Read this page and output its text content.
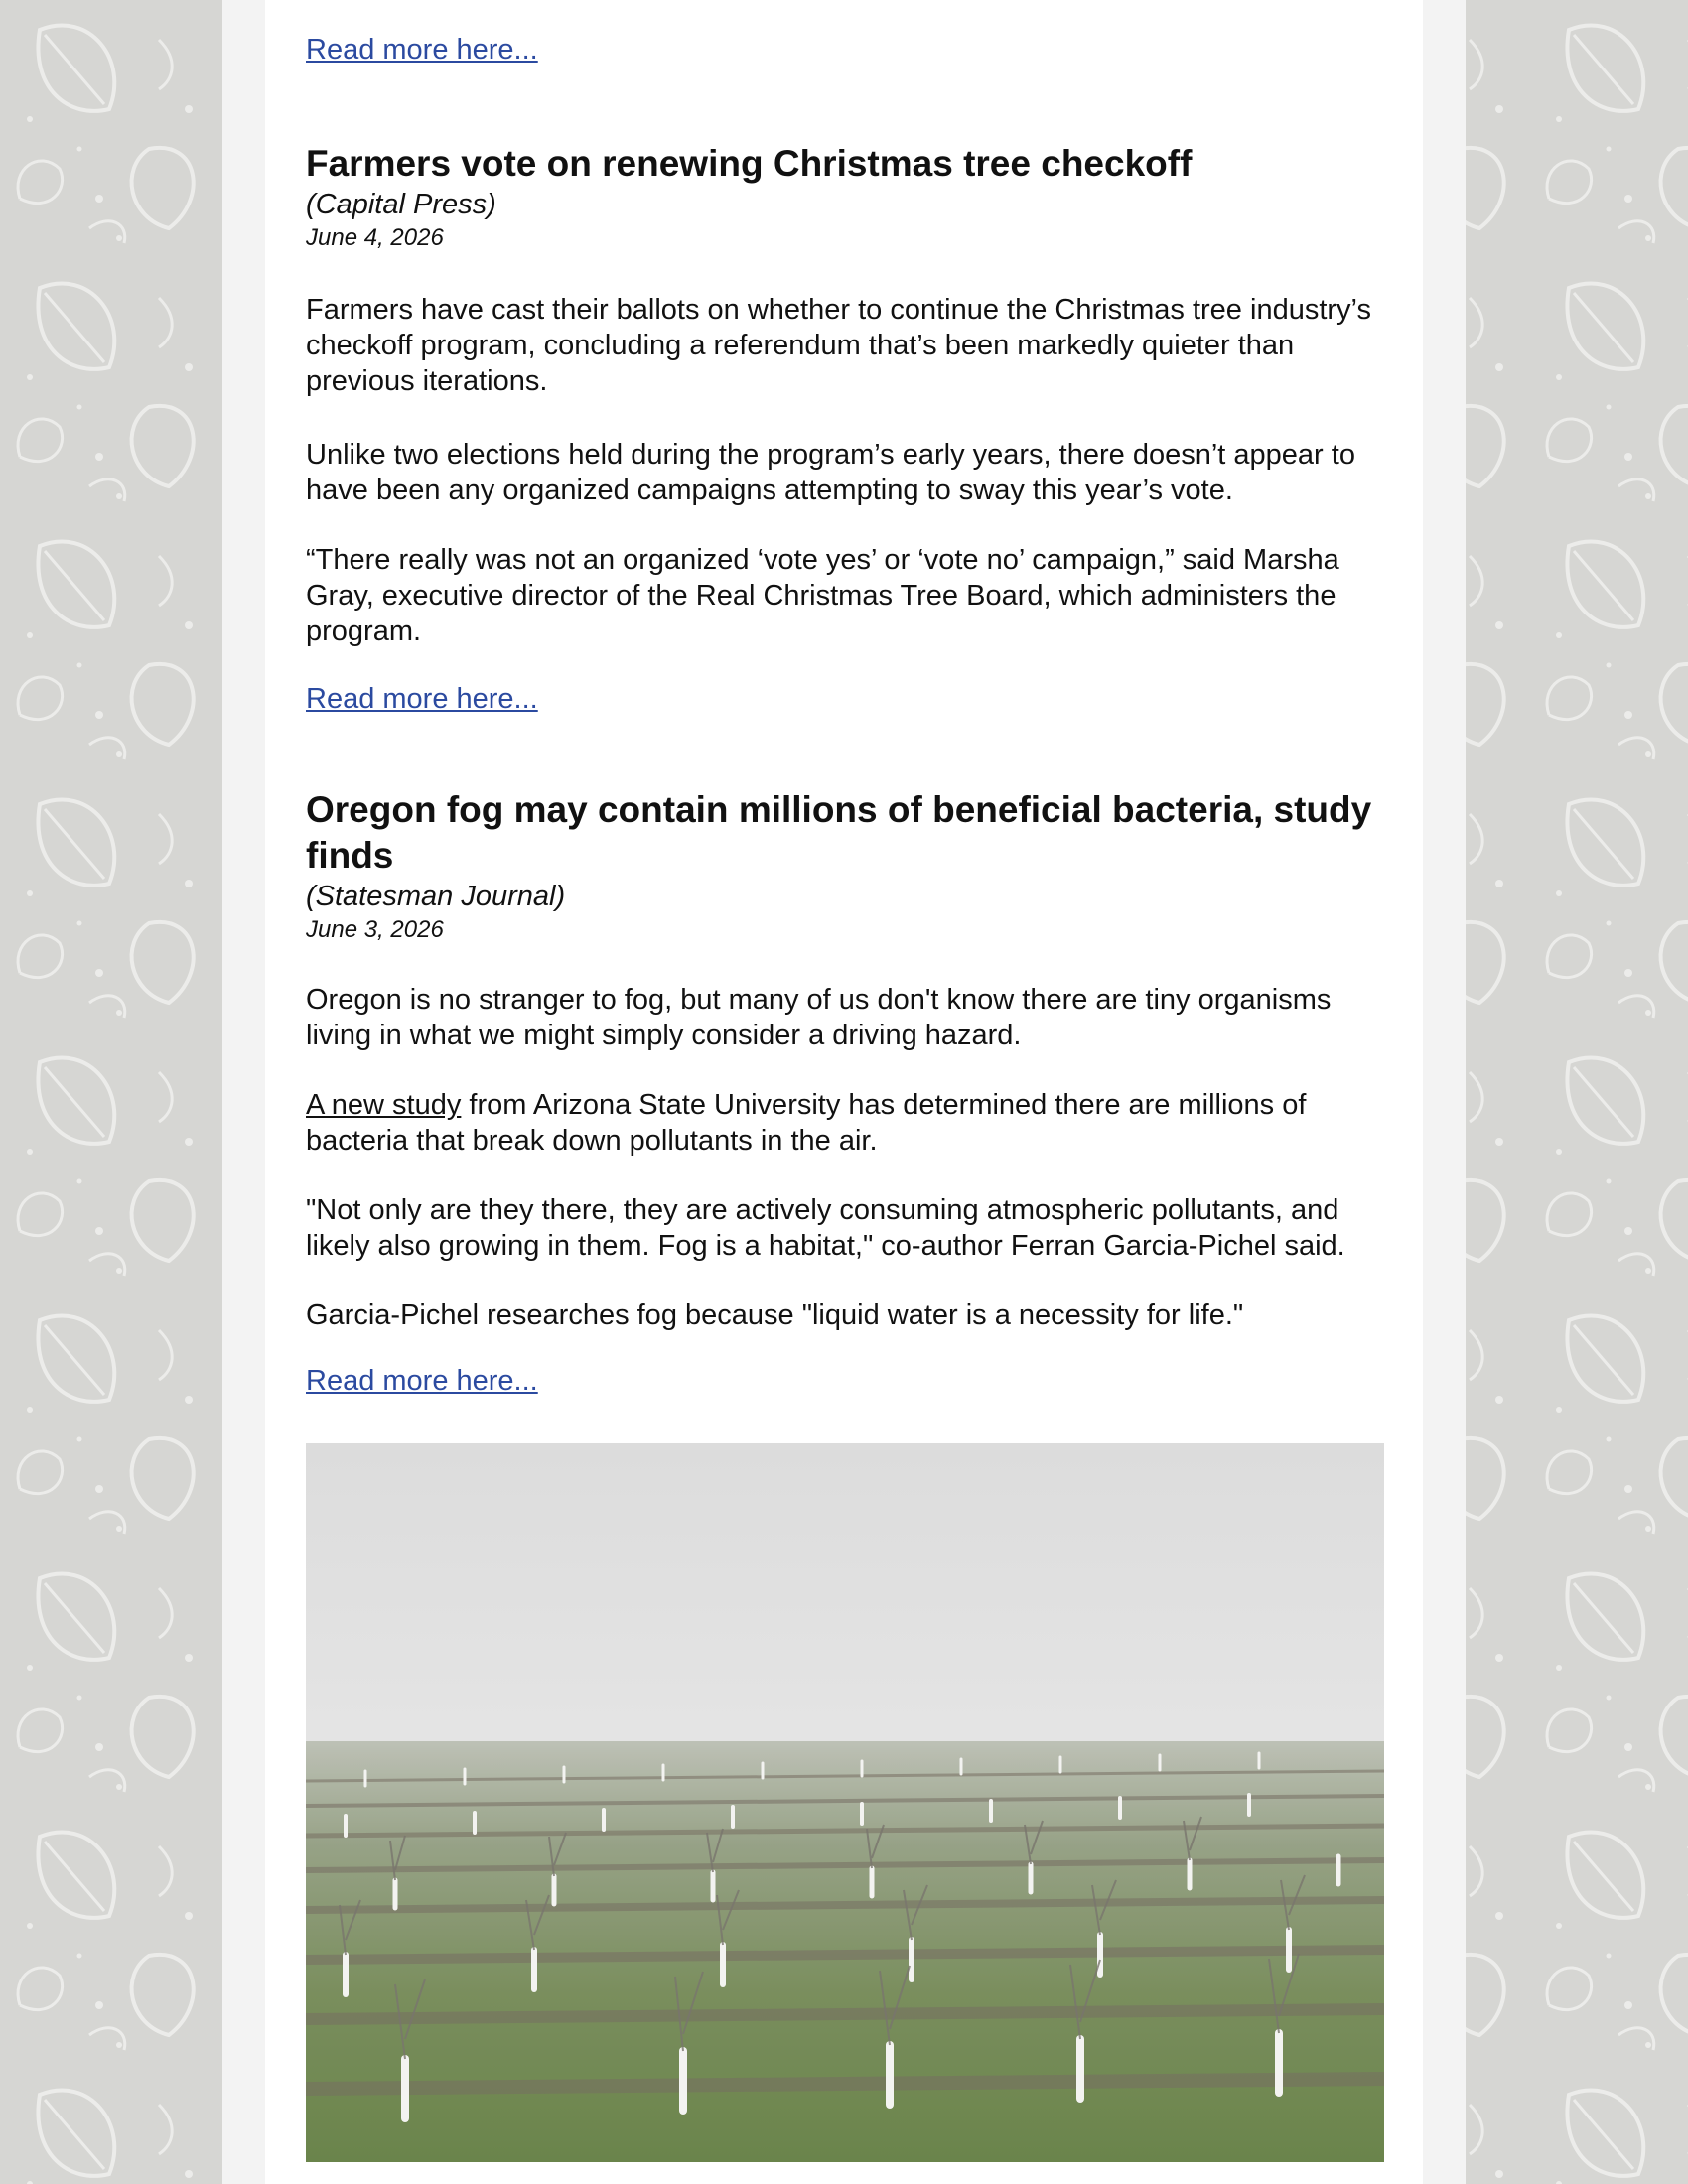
Read more here...
Farmers vote on renewing Christmas tree checkoff

(Capital Press)

June 4, 2026

Farmers have cast their ballots on whether to continue the Christmas tree industry’s checkoff program, concluding a referendum that’s been markedly quieter than previous iterations.

Unlike two elections held during the program’s early years, there doesn’t appear to have been any organized campaigns attempting to sway this year’s vote.

“There really was not an organized ‘vote yes’ or ‘vote no’ campaign,” said Marsha Gray, executive director of the Real Christmas Tree Board, which administers the program.

Read more here...
Oregon fog may contain millions of beneficial bacteria, study finds

(Statesman Journal)

June 3, 2026

Oregon is no stranger to fog, but many of us don't know there are tiny organisms living in what we might simply consider a driving hazard.

A new study from Arizona State University has determined there are millions of bacteria that break down pollutants in the air.

"Not only are they there, they are actively consuming atmospheric pollutants, and likely also growing in them. Fog is a habitat," co-author Ferran Garcia-Pichel said.

Garcia-Pichel researches fog because "liquid water is a necessity for life."

Read more here...
